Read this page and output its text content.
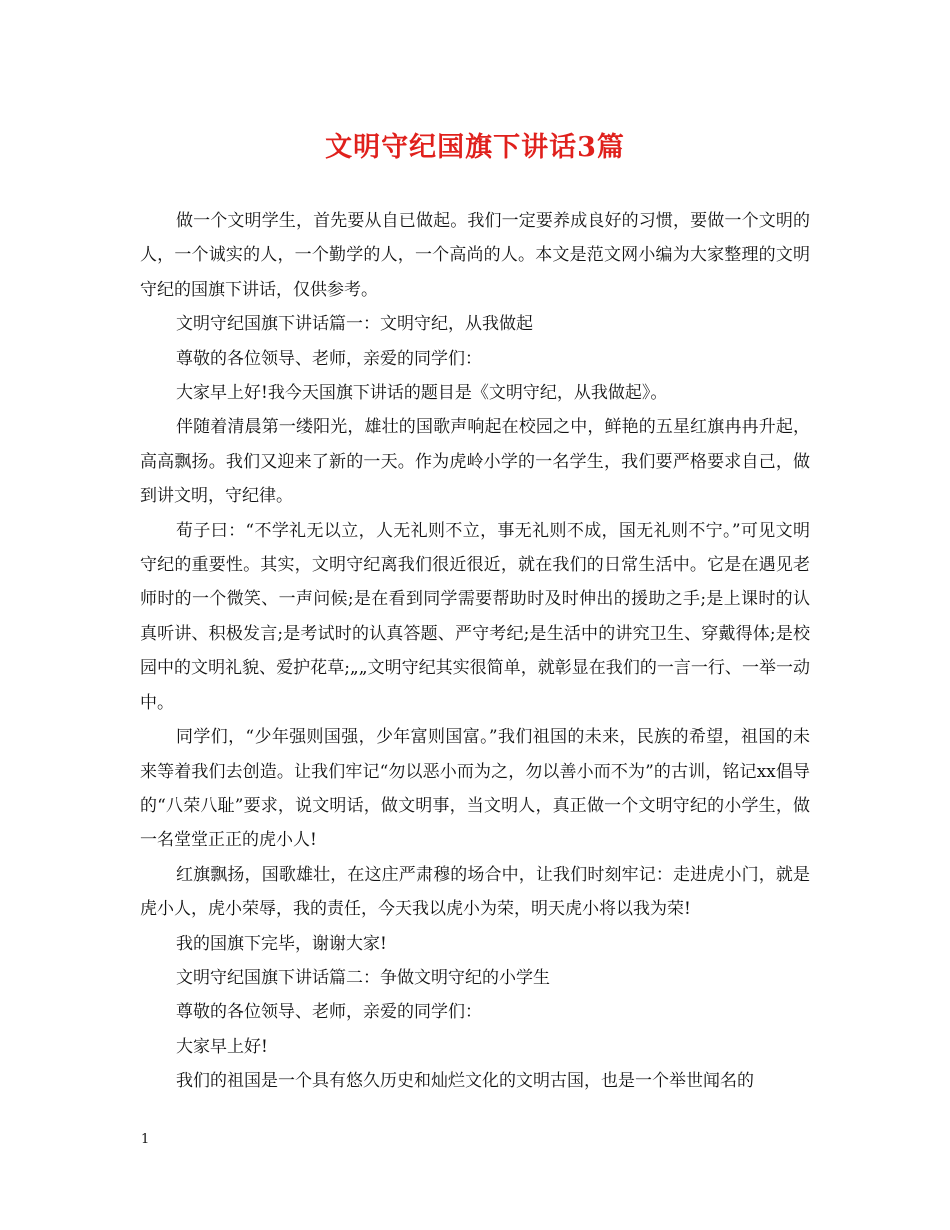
文明守纪国旗下讲话3篇

做一个文明学生，首先要从自已做起。我们一定要养成良好的习惯，要做一个文明的人，一个诚实的人，一个勤学的人，一个高尚的人。本文是范文网小编为大家整理的文明守纪的国旗下讲话，仅供参考。

文明守纪国旗下讲话篇一：文明守纪，从我做起

尊敬的各位领导、老师，亲爱的同学们：

大家早上好!我今天国旗下讲话的题目是《文明守纪，从我做起》。

伴随着清晨第一缕阳光，雄壮的国歌声响起在校园之中，鲜艳的五星红旗冉冉升起，高高飘扬。我们又迎来了新的一天。作为虎岭小学的一名学生，我们要严格要求自己，做到讲文明，守纪律。

荀子曰：“不学礼无以立，人无礼则不立，事无礼则不成，国无礼则不宁。”可见文明守纪的重要性。其实，文明守纪离我们很近很近，就在我们的日常生活中。它是在遇见老师时的一个微笑、一声问候;是在看到同学需要帮助时及时伸出的援助之手;是上课时的认真听讲、积极发言;是考试时的认真答题、严守考纪;是生活中的讲究卫生、穿戴得体;是校园中的文明礼貌、爱护花草;„„文明守纪其实很简单，就彰显在我们的一言一行、一举一动中。

同学们，“少年强则国强，少年富则国富。”我们祖国的未来，民族的希望，祖国的未来等着我们去创造。让我们牢记“勿以恶小而为之，勿以善小而不为”的古训，铭记xx倡导的“八荣八耻”要求，说文明话，做文明事，当文明人，真正做一个文明守纪的小学生，做一名堂堂正正的虎小人!

红旗飘扬，国歌雄壮，在这庄严肃穆的场合中，让我们时刻牢记：走进虎小门，就是虎小人，虎小荣辱，我的责任，今天我以虎小为荣，明天虎小将以我为荣!

我的国旗下完毕，谢谢大家!

文明守纪国旗下讲话篇二：争做文明守纪的小学生

尊敬的各位领导、老师，亲爱的同学们：

大家早上好!

我们的祖国是一个具有悠久历史和灿烂文化的文明古国，也是一个举世闻名的

1
